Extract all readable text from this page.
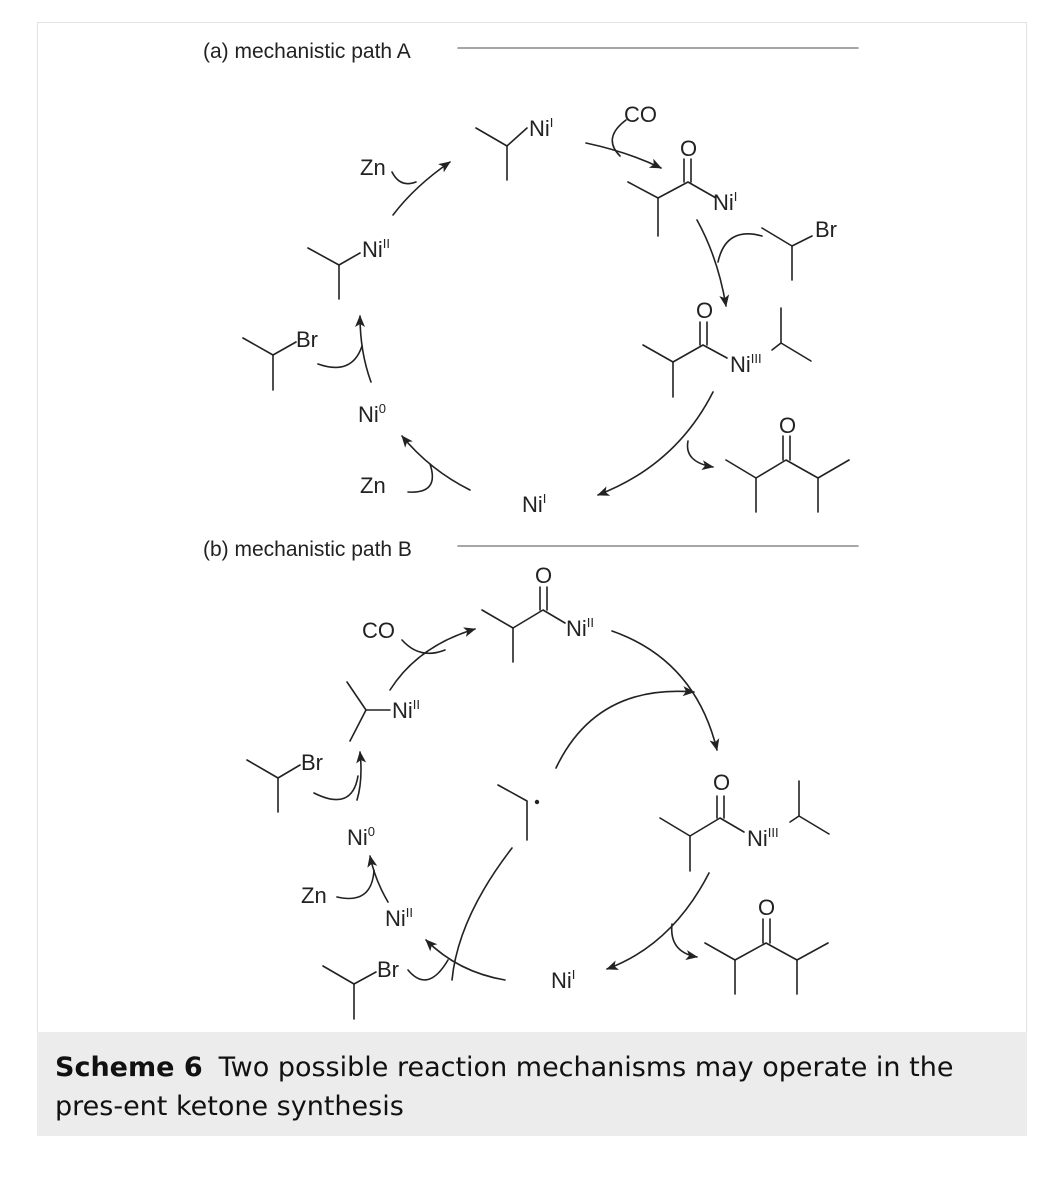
(a) mechanistic path A
$Ni^I$	CO
O
$Ni^I$
Br
O
$Ni^{III}$
O
$Ni^I$
Zn
Ni$^0$
Br
$Ni^{II}$
Zn
(b) mechanistic path B
O
$Ni^{II}$
CO
$Ni^{II}$
Br
Ni$^0$
Zn
$Ni^{II}$
Br	$Ni^I$
O
$Ni^{III}$
O
Scheme 6 Two possible reaction mechanisms may operate in the pres-ent ketone synthesis
